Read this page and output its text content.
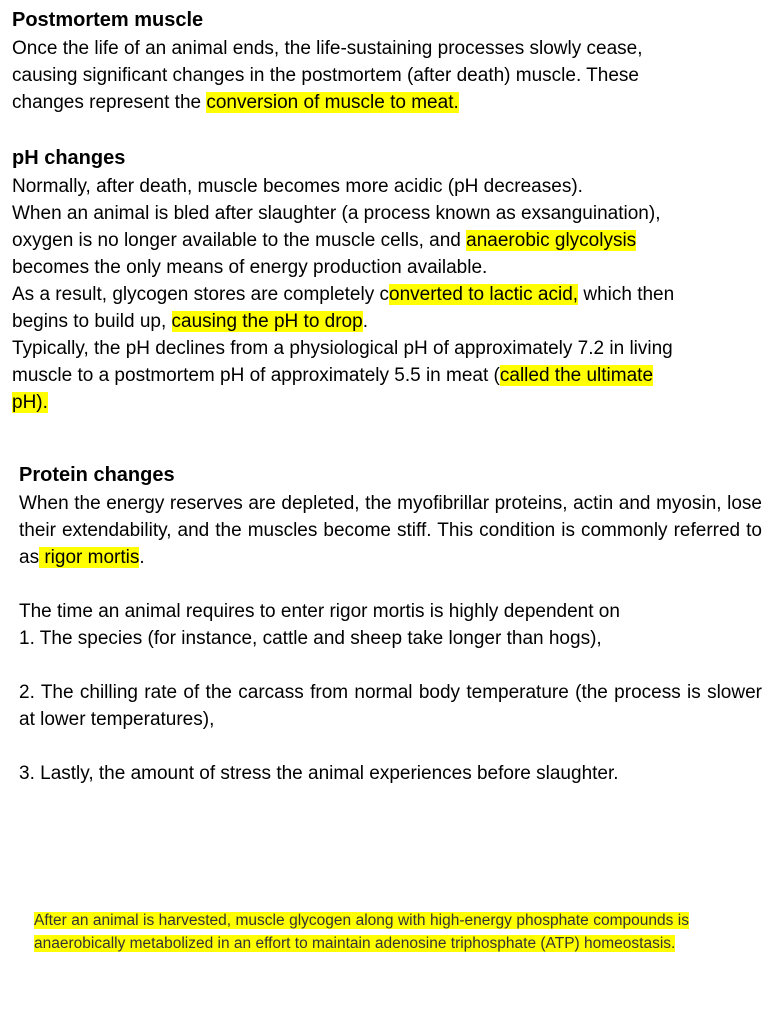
Postmortem muscle
Once the life of an animal ends, the life-sustaining processes slowly cease,
causing significant changes in the postmortem (after death) muscle. These
changes represent the conversion of muscle to meat.
pH changes
Normally, after death, muscle becomes more acidic (pH decreases).
When an animal is bled after slaughter (a process known as exsanguination),
oxygen is no longer available to the muscle cells, and anaerobic glycolysis
becomes the only means of energy production available.
As a result, glycogen stores are completely converted to lactic acid, which then
begins to build up, causing the pH to drop.
Typically, the pH declines from a physiological pH of approximately 7.2 in living
muscle to a postmortem pH of approximately 5.5 in meat (called the ultimate
pH).
Protein changes
When the energy reserves are depleted, the myofibrillar proteins, actin and myosin, lose their extendability, and the muscles become stiff. This condition is commonly referred to as rigor mortis.
The time an animal requires to enter rigor mortis is highly dependent on
1. The species (for instance, cattle and sheep take longer than hogs),
2. The chilling rate of the carcass from normal body temperature (the process is slower at lower temperatures),
3. Lastly, the amount of stress the animal experiences before slaughter.
After an animal is harvested, muscle glycogen along with high-energy phosphate compounds is anaerobically metabolized in an effort to maintain adenosine triphosphate (ATP) homeostasis.
